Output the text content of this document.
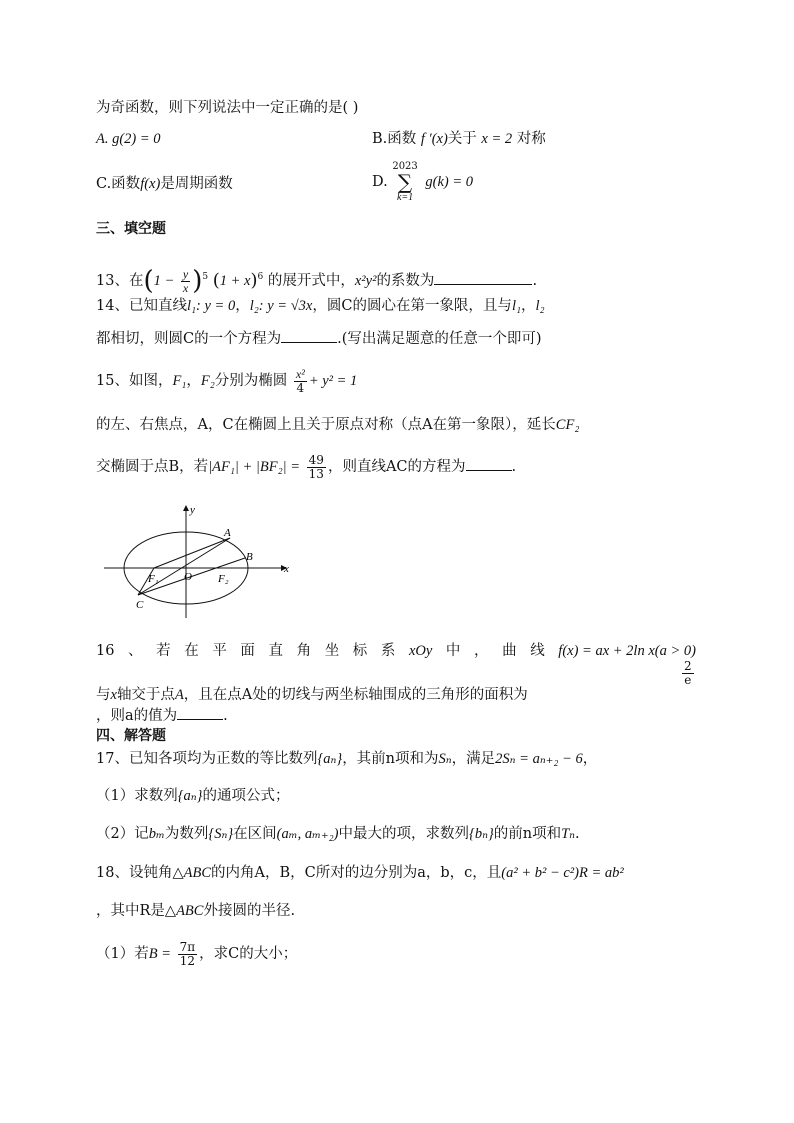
为奇函数，则下列说法中一定正确的是( )
A. g(2) = 0	B.函数 f ′(x)关于 x = 2 对称
C.函数f(x)是周期函数	D.
2023
∑
k=1
g(k) = 0
三、填空题
13、在$(1 - \frac{y}{x} )^5$ $(1 + x)^6$ 的展开式中，x²y²的系数为	.
14、已知直线l₁: y = 0，l₂: y = √3x，圆C的圆心在第一象限，且与l₁，l₂
都相切，则圆C的一个方程为	.(写出满足题意的任意一个即可)
15、如图，F₁，F₂分别为椭圆 $\frac{\text{x²}}{4} + y^2 = 1$
的左、右焦点，A，C在椭圆上且关于原点对称（点A在第一象限），延长CF₂
交椭圆于点B，若$|AF_1| + |BF_2| = \frac{49}{13}$ ，则直线AC的方程为	.
y
x
A
B
C
O
F₁	F₂
16 、 若 在 平 面 直 角 坐 标 系 xOy 中 ， 曲 线 f(x) = ax + 2ln x(a > 0)
与x轴交于点A，且在点A处的切线与两坐标轴围成的三角形的面积为
$\frac{2}{e}$
，则a的值为	.
四、解答题
17、已知各项均为正数的等比数列{aₙ}，其前n项和为Sₙ，满足2Sₙ = aₙ₊₂ − 6，
（1）求数列{aₙ}的通项公式；
（2）记bₘ为数列{Sₙ}在区间(aₘ, aₘ₊₂)中最大的项，求数列{bₙ}的前n项和Tₙ.
18、设钝角△ABC的内角A，B，C所对的边分别为a，b，c，且(a² + b² − c²)R = ab²
，其中R是△ABC外接圆的半径.
（1）若$B = \frac{7\pi}{12}$ ，求C的大小；
